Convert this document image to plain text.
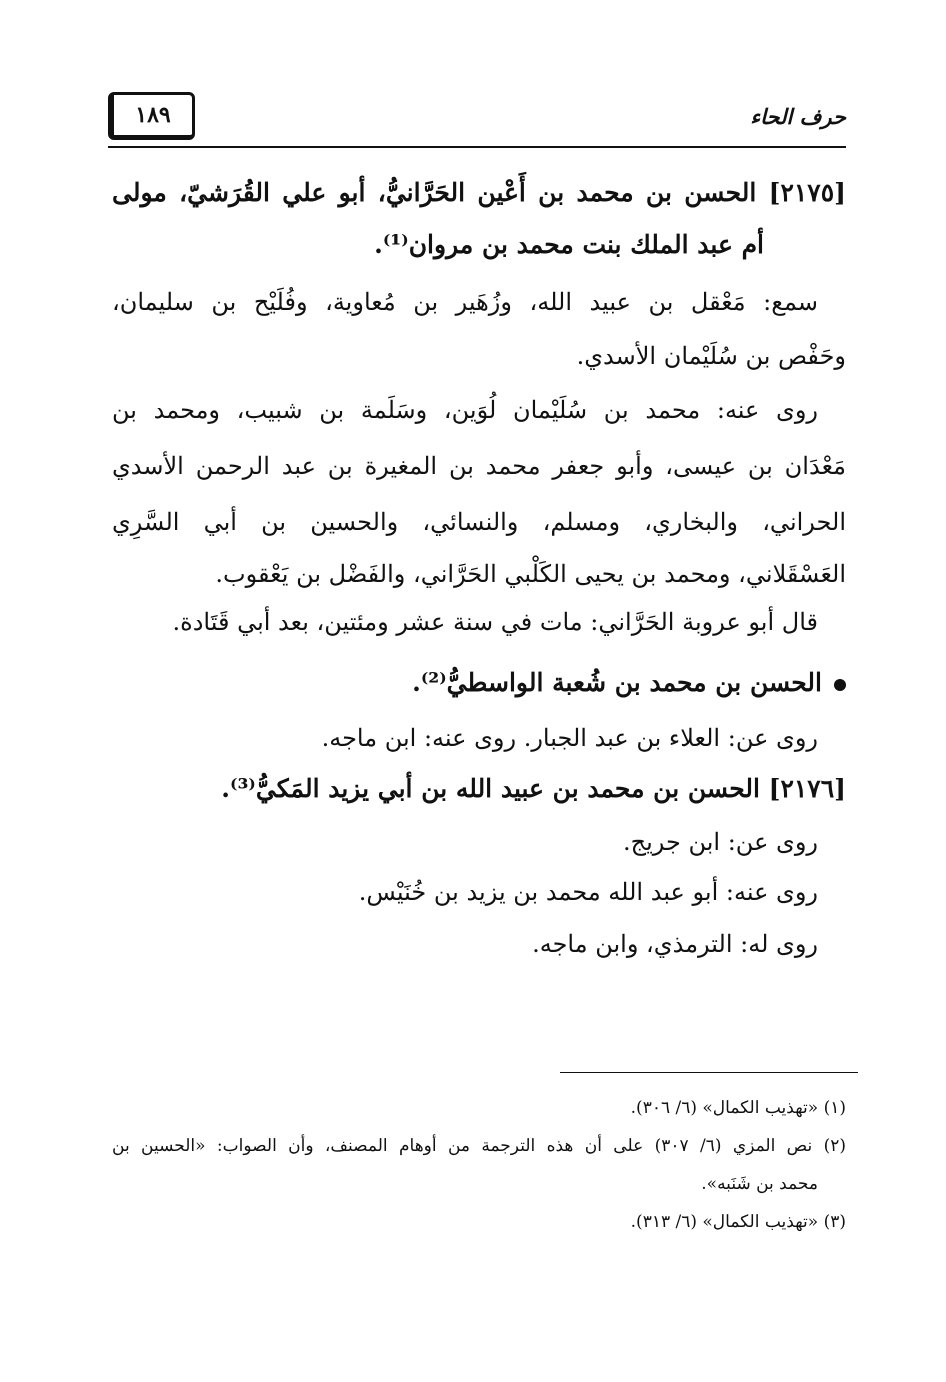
حرف الحاء
١٨٩
[٢١٧٥] الحسن بن محمد بن أَعْين الحَرَّانيُّ، أبو علي القُرَشيّ، مولى
أم عبد الملك بنت محمد بن مروان⁽¹⁾.
سمع: مَعْقل بن عبيد الله، وزُهَير بن مُعاوية، وفُلَيْح بن سليمان،
وحَفْص بن سُلَيْمان الأسدي.
روى عنه: محمد بن سُلَيْمان لُوَين، وسَلَمة بن شبيب، ومحمد بن
مَعْدَان بن عيسى، وأبو جعفر محمد بن المغيرة بن عبد الرحمن الأسدي
الحراني، والبخاري، ومسلم، والنسائي، والحسين بن أبي السَّرِي
العَسْقَلاني، ومحمد بن يحيى الكَلْبي الحَرَّاني، والفَضْل بن يَعْقوب.
قال أبو عروبة الحَرَّاني: مات في سنة عشر ومئتين، بعد أبي قَتَادة.
الحسن بن محمد بن شُعبة الواسطيُّ⁽²⁾.
روى عن: العلاء بن عبد الجبار. روى عنه: ابن ماجه.
[٢١٧٦] الحسن بن محمد بن عبيد الله بن أبي يزيد المَكيُّ⁽³⁾.
روى عن: ابن جريج.
روى عنه: أبو عبد الله محمد بن يزيد بن خُنَيْس.
روى له: الترمذي، وابن ماجه.
(١) «تهذيب الكمال» (٦/ ٣٠٦).
(٢) نص المزي (٦/ ٣٠٧) على أن هذه الترجمة من أوهام المصنف، وأن الصواب: «الحسين بن
محمد بن شَنَبه».
(٣) «تهذيب الكمال» (٦/ ٣١٣).
